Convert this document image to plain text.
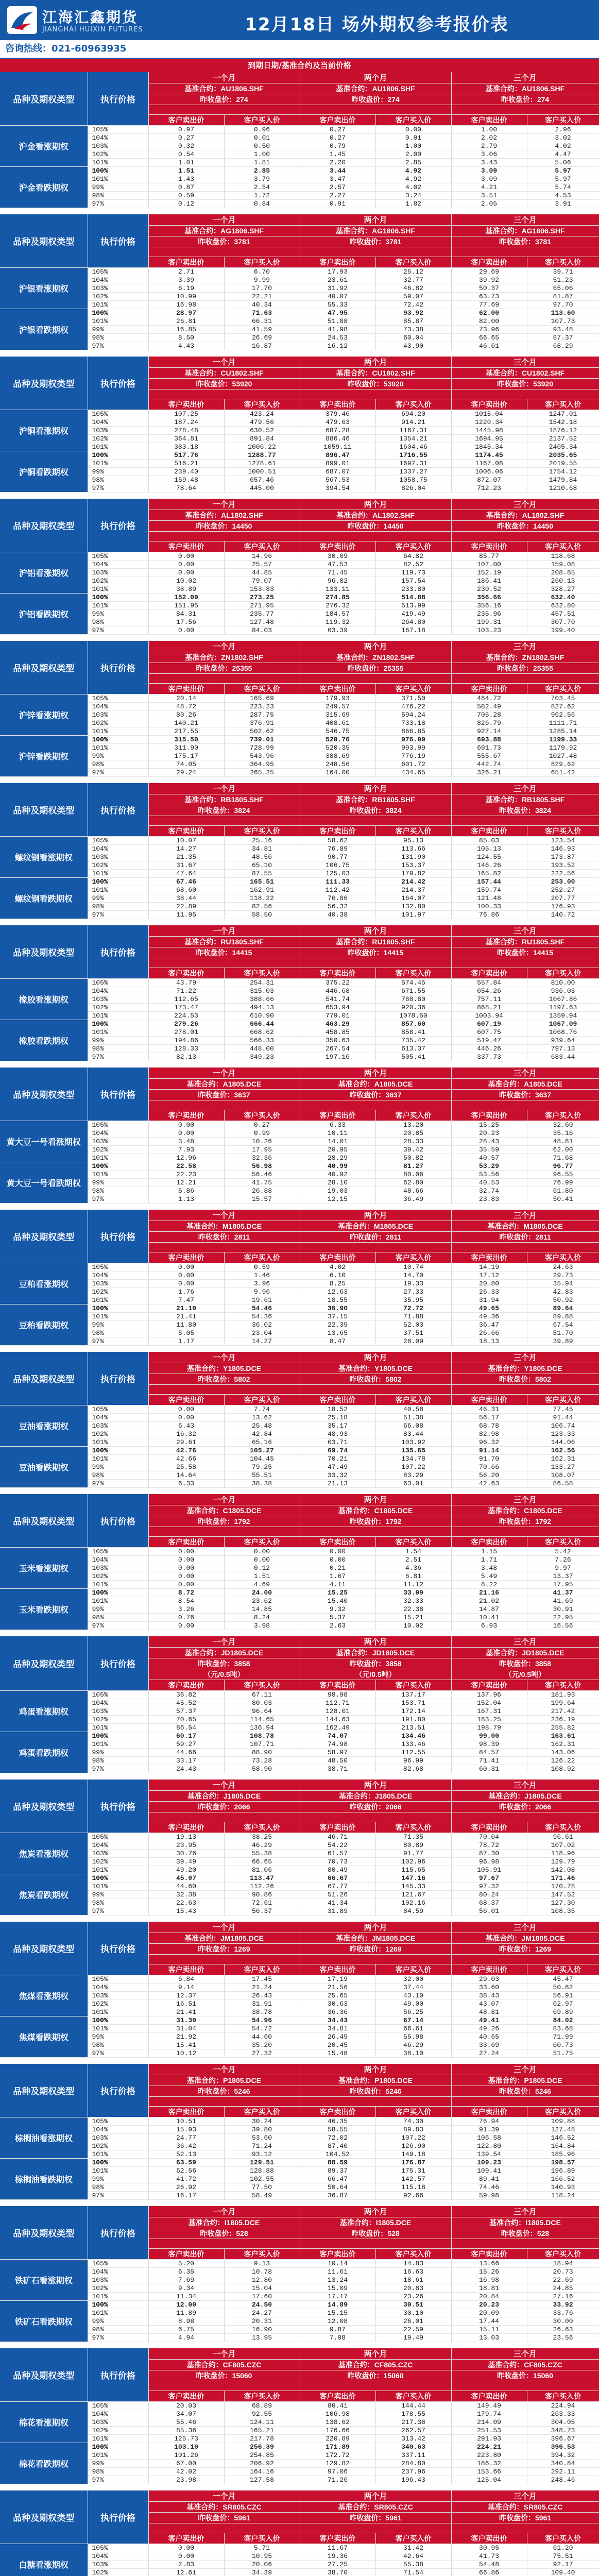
江海汇鑫期货
JIANGHAI HUIXIN FUTURES	12月18日 场外期权参考报价表
咨询热线：021-60963935
到期日期/基准合约及当前价格
品种及期权类型	执行价格	一个月		两个月		三个月	
		基准合约：AU1806.SHF		基准合约：AU1806.SHF		基准合约：AU1806.SHF	
		昨收盘价：274		昨收盘价：274		昨收盘价：274	

		客户卖出价	客户买入价	客户卖出价	客户买入价	客户卖出价	客户买入价
沪金看涨期权	105%	0.97	0.96	0.27	0.00	1.00	2.96
	104%	0.27	0.01	0.27	0.01	2.02	3.02
	103%	0.32	0.50	0.79	1.00	2.79	4.02
	102%	0.54	1.00	1.45	2.00	3.06	4.47
	101%	1.01	1.81	2.20	2.85	3.43	5.06
沪金看跌期权	100%	1.51	2.85	3.44	4.92	3.09	5.97
	101%	1.43	3.79	3.47	4.92	3.09	5.97
	99%	0.87	2.54	2.57	4.02	4.21	5.74
	98%	0.59	1.72	2.27	3.24	3.51	4.53
	97%	0.12	0.84	0.91	1.82	2.05	3.91
品种及期权类型	执行价格	一个月		两个月		三个月	
		基准合约：AG1806.SHF		基准合约：AG1806.SHF		基准合约：AG1806.SHF	
		昨收盘价：3781		昨收盘价：3781		昨收盘价：3781	

		客户卖出价	客户买入价	客户卖出价	客户买入价	客户卖出价	客户买入价
沪银看涨期权	105%	2.71	6.70	17.93	25.12	29.69	39.71
	104%	3.39	9.99	23.61	32.77	39.92	51.23
	103%	6.19	17.70	31.92	46.82	50.37	65.06
	102%	10.99	22.21	40.07	59.07	63.73	81.87
	101%	16.98	40.34	55.33	72.42	77.69	97.70
沪银看跌期权	100%	28.97	71.63	47.95	93.92	62.00	113.60
	101%	26.81	66.31	51.88	85.87	82.00	107.73
	99%	16.85	41.59	41.98	73.38	73.96	93.48
	98%	8.50	26.69	24.53	60.04	66.65	87.37
	97%	4.43	16.87	16.12	43.90	46.61	68.29
品种及期权类型	执行价格	一个月		两个月		三个月	
		基准合约：CU1802.SHF		基准合约：CU1802.SHF		基准合约：CU1802.SHF	
		昨收盘价：53920		昨收盘价：53920		昨收盘价：53920	

		客户卖出价	客户买入价	客户卖出价	客户买入价	客户卖出价	客户买入价
沪铜看涨期权	105%	107.25	423.24	379.46	694.20	1015.04	1247.01
	104%	187.24	479.56	479.63	914.21	1220.34	1542.18
	103%	278.48	630.52	687.28	1167.31	1445.98	1876.12
	102%	364.81	891.84	886.46	1354.21	1694.95	2137.52
	101%	383.18	1006.22	1059.11	1604.46	1845.34	2465.34
沪铜看跌期权	100%	517.76	1288.77	896.47	1716.55	1174.45	2035.65
	101%	516.21	1278.61	899.01	1697.31	1167.08	2019.55
	99%	239.40	1000.51	687.07	1337.27	1006.06	1754.12
	98%	159.48	657.46	567.53	1058.75	872.07	1479.84
	97%	78.64	445.00	394.54	826.04	712.23	1210.68
品种及期权类型	执行价格	一个月		两个月		三个月	
		基准合约：AL1802.SHF		基准合约：AL1802.SHF		基准合约：AL1802.SHF	
		昨收盘价：14450		昨收盘价：14450		昨收盘价：14450	

		客户卖出价	客户买入价	客户卖出价	客户买入价	客户卖出价	客户买入价
沪铝看涨期权	105%	0.00	14.96	30.09	64.82	85.77	118.68
	104%	0.00	25.57	47.53	82.52	107.00	159.08
	103%	0.00	44.85	71.45	119.73	152.19	208.85
	102%	10.02	79.07	96.82	157.54	186.41	260.13
	101%	38.89	153.83	133.11	233.80	230.52	328.27
沪铝看跌期权	100%	152.09	273.25	274.85	514.88	356.66	632.40
	101%	151.95	271.95	276.32	513.99	356.16	632.80
	99%	84.31	235.77	184.57	419.49	235.96	457.51
	98%	17.56	127.48	119.32	264.80	199.31	307.70
	97%	0.00	84.03	63.39	167.18	103.23	199.40
品种及期权类型	执行价格	一个月		两个月		三个月	
		基准合约：ZN1802.SHF		基准合约：ZN1802.SHF		基准合约：ZN1802.SHF	
		昨收盘价：25355		昨收盘价：25355		昨收盘价：25355	

		客户卖出价	客户买入价	客户卖出价	客户买入价	客户卖出价	客户买入价
沪锌看涨期权	105%	20.14	165.69	179.93	371.50	484.72	703.45
	104%	48.72	223.23	249.57	476.22	582.49	827.62
	103%	80.26	287.75	315.69	594.24	705.28	962.56
	102%	140.21	376.91	408.61	733.18	826.79	1111.71
	101%	217.55	502.62	546.75	866.85	927.14	1285.14
沪锌看跌期权	100%	315.50	739.01	520.76	976.09	693.88	1199.33
	101%	311.90	728.99	520.35	993.99	691.73	1179.92
	99%	175.17	543.96	388.69	776.19	555.67	1027.48
	98%	74.05	364.95	248.56	601.72	442.74	829.62
	97%	29.24	265.25	164.00	434.65	326.21	651.42
品种及期权类型	执行价格	一个月		两个月		三个月	
		基准合约：RB1805.SHF		基准合约：RB1805.SHF		基准合约：RB1805.SHF	
		昨收盘价：3824		昨收盘价：3824		昨收盘价：3824	

		客户卖出价	客户买入价	客户卖出价	客户买入价	客户卖出价	客户买入价
螺纹钢看涨期权	105%	10.07	25.16	58.62	95.13	85.03	123.54
	104%	14.27	34.81	76.89	113.66	105.13	146.93
	103%	21.35	48.56	90.77	131.90	124.55	173.87
	102%	31.67	65.10	106.75	153.37	146.26	193.52
	101%	47.64	87.55	125.03	179.82	165.82	222.56
螺纹钢看跌期权	100%	67.46	165.51	111.33	214.42	157.44	253.00
	101%	68.60	162.91	112.42	214.37	159.74	252.27
	99%	38.44	118.22	76.86	164.07	121.48	207.77
	98%	22.89	82.56	56.32	132.80	100.33	176.93
	97%	11.95	58.50	40.38	101.97	76.86	140.72
品种及期权类型	执行价格	一个月		两个月		三个月	
		基准合约：RU1805.SHF		基准合约：RU1805.SHF		基准合约：RU1805.SHF	
		昨收盘价：14415		昨收盘价：14415		昨收盘价：14415	

		客户卖出价	客户买入价	客户卖出价	客户买入价	客户卖出价	客户买入价
橡胶看涨期权	105%	43.79	254.31	375.22	574.45	557.84	810.00
	104%	71.22	315.03	446.68	671.55	654.26	936.03
	103%	112.65	388.66	541.74	788.80	757.11	1067.86
	102%	173.47	494.13	653.94	920.36	868.21	1197.63
	101%	224.53	610.90	779.01	1078.50	1003.94	1359.94
橡胶看跌期权	100%	279.26	666.44	463.29	857.60	607.19	1067.09
	101%	278.01	668.62	458.85	858.41	607.75	1068.76
	99%	194.86	566.33	350.63	735.42	519.47	939.64
	98%	128.33	448.00	267.54	613.37	446.26	797.13
	97%	82.13	349.23	197.16	505.41	337.73	683.44
品种及期权类型	执行价格	一个月		两个月		三个月	
		基准合约：A1805.DCE		基准合约：A1805.DCE		基准合约：A1805.DCE	
		昨收盘价：3637		昨收盘价：3637		昨收盘价：3637	

		客户卖出价	客户买入价	客户卖出价	客户买入价	客户卖出价	客户买入价
黄大豆一号看涨期权	105%	0.00	0.27	6.33	13.20	15.25	32.60
	104%	0.00	0.99	10.11	20.85	20.23	35.16
	103%	3.48	10.26	14.01	28.33	28.43	48.81
	102%	7.93	17.95	20.95	39.42	35.59	62.00
	101%	12.96	32.36	28.29	50.82	40.57	71.68
黄大豆一号看跌期权	100%	22.58	56.98	40.99	81.27	53.29	96.77
	101%	22.23	56.46	40.92	80.06	53.56	96.55
	99%	12.21	41.75	28.10	62.80	40.53	76.99
	98%	5.86	26.88	19.03	48.66	32.74	61.80
	97%	1.13	15.57	12.15	36.49	23.83	50.41
品种及期权类型	执行价格	一个月		两个月		三个月	
		基准合约：M1805.DCE		基准合约：M1805.DCE		基准合约：M1805.DCE	
		昨收盘价：2811		昨收盘价：2811		昨收盘价：2811	

		客户卖出价	客户买入价	客户卖出价	客户买入价	客户卖出价	客户买入价
豆粕看涨期权	105%	0.00	0.59	4.02	10.74	14.19	24.63
	104%	0.00	1.46	6.10	14.70	17.12	29.73
	103%	0.00	3.96	8.25	19.33	20.80	35.94
	102%	1.76	9.96	12.63	27.33	26.33	42.83
	101%	7.47	19.61	18.55	35.95	31.94	50.92
豆粕看跌期权	100%	21.10	54.46	36.90	72.72	49.65	89.64
	101%	21.41	54.36	37.15	71.88	49.36	89.88
	99%	11.80	36.02	22.39	52.03	36.47	67.54
	98%	5.05	23.04	13.65	37.51	26.66	51.70
	97%	1.17	14.27	8.47	28.09	18.13	39.89
品种及期权类型	执行价格	一个月		两个月		三个月	
		基准合约：Y1805.DCE		基准合约：Y1805.DCE		基准合约：Y1805.DCE	
		昨收盘价：5802		昨收盘价：5802		昨收盘价：5802	

		客户卖出价	客户买入价	客户卖出价	客户买入价	客户卖出价	客户买入价
豆油看涨期权	105%	0.00	7.74	18.52	40.58	46.31	77.45
	104%	0.00	13.62	25.18	51.38	56.17	91.44
	103%	6.43	25.48	35.17	66.08	68.78	106.74
	102%	16.32	42.84	48.93	83.44	82.98	123.33
	101%	29.61	65.16	63.71	103.92	96.32	144.06
豆油看跌期权	100%	42.76	105.27	69.74	135.65	91.14	162.56
	101%	42.66	104.45	70.21	134.78	91.70	162.31
	99%	25.58	79.25	47.49	107.22	70.66	133.27
	98%	14.64	55.51	33.32	83.29	56.20	108.07
	97%	6.33	38.38	21.13	63.01	42.63	86.58
品种及期权类型	执行价格	一个月		两个月		三个月	
		基准合约：C1805.DCE		基准合约：C1805.DCE		基准合约：C1805.DCE	
		昨收盘价：1792		昨收盘价：1792		昨收盘价：1792	

		客户卖出价	客户买入价	客户卖出价	客户买入价	客户卖出价	客户买入价
玉米看涨期权	105%	0.00	0.00	0.00	1.54	1.15	5.42
	104%	0.00	0.00	0.00	2.51	1.71	7.26
	103%	0.00	0.12	0.21	4.36	3.48	9.97
	102%	0.00	1.51	1.67	6.81	5.49	13.37
	101%	0.00	4.69	4.11	11.12	8.22	17.95
玉米看跌期权	100%	8.72	24.00	15.25	33.09	21.16	41.37
	101%	8.54	23.62	15.40	32.33	21.02	41.69
	99%	3.26	14.85	9.32	22.38	14.87	30.91
	98%	0.76	8.24	5.37	15.21	10.41	22.95
	97%	0.00	3.98	2.63	10.02	6.93	16.56
品种及期权类型	执行价格	一个月		两个月		三个月	
		基准合约：JD1805.DCE		基准合约：JD1805.DCE		基准合约：JD1805.DCE	
		昨收盘价：3858		昨收盘价：3858		昨收盘价：3858	
		（元/0.5吨）		（元/0.5吨）		（元/0.5吨）	
		客户卖出价	客户买入价	客户卖出价	客户买入价	客户卖出价	客户买入价
鸡蛋看涨期权	105%	36.82	67.11	98.98	137.17	137.96	181.93
	104%	45.52	80.03	112.71	153.71	152.04	199.64
	103%	57.37	96.64	128.01	172.14	167.31	217.42
	102%	70.65	114.65	144.63	191.80	183.25	236.19
	101%	86.54	136.94	162.49	213.51	198.79	255.82
鸡蛋看跌期权	100%	60.17	108.78	74.07	134.46	99.00	163.61
	101%	59.27	107.71	74.98	133.46	98.39	162.31
	99%	44.66	88.90	58.97	112.55	84.57	143.06
	98%	33.17	73.28	48.50	96.99	71.41	126.22
	97%	24.43	58.90	38.71	82.68	60.31	108.92
品种及期权类型	执行价格	一个月		两个月		三个月	
		基准合约：J1805.DCE		基准合约：J1805.DCE		基准合约：J1805.DCE	
		昨收盘价：2066		昨收盘价：2066		昨收盘价：2066	

		客户卖出价	客户买入价	客户卖出价	客户买入价	客户卖出价	客户买入价
焦炭看涨期权	105%	19.13	38.25	46.71	71.35	70.04	96.61
	104%	23.95	46.29	54.22	80.89	78.72	107.02
	103%	30.76	55.38	61.57	91.77	87.30	118.96
	102%	39.49	66.65	70.73	102.96	96.98	129.79
	101%	49.20	81.06	80.49	115.65	105.91	142.08
焦炭看跌期权	100%	45.07	113.47	66.67	147.16	97.67	171.46
	101%	44.60	112.26	67.77	145.33	97.32	170.78
	99%	32.38	90.86	51.26	121.67	80.24	147.52
	98%	22.63	72.61	41.34	102.16	68.37	127.30
	97%	15.43	56.37	31.89	84.59	56.01	108.35
品种及期权类型	执行价格	一个月		两个月		三个月	
		基准合约：JM1805.DCE		基准合约：JM1805.DCE		基准合约：JM1805.DCE	
		昨收盘价：1269		昨收盘价：1269		昨收盘价：1269	

		客户卖出价	客户买入价	客户卖出价	客户买入价	客户卖出价	客户买入价
焦煤看涨期权	105%	6.84	17.45	17.19	32.00	29.03	45.47
	104%	9.14	21.24	21.56	37.44	33.60	50.82
	103%	12.37	26.43	25.65	43.10	38.43	56.91
	102%	16.51	31.91	30.63	49.00	43.07	62.97
	101%	21.41	38.78	36.36	56.25	48.81	69.89
焦煤看跌期权	100%	31.30	54.96	34.43	67.14	49.41	84.02
	101%	31.04	54.72	34.81	66.61	49.26	83.68
	99%	21.92	44.60	26.49	55.98	40.65	71.99
	98%	15.41	35.20	20.45	46.29	33.69	60.73
	97%	10.12	27.32	15.48	38.10	27.24	51.75
品种及期权类型	执行价格	一个月		两个月		三个月	
		基准合约：P1805.DCE		基准合约：P1805.DCE		基准合约：P1805.DCE	
		昨收盘价：5246		昨收盘价：5246		昨收盘价：5246	

		客户卖出价	客户买入价	客户卖出价	客户买入价	客户卖出价	客户买入价
棕榈油看涨期权	105%	10.51	30.24	46.35	74.30	76.94	109.88
	104%	15.93	39.80	58.55	89.83	91.39	127.48
	103%	24.77	53.60	72.02	107.22	106.58	146.52
	102%	36.42	71.24	87.40	126.90	122.80	164.84
	101%	52.13	93.12	104.52	149.18	139.54	185.96
棕榈油看跌期权	100%	63.59	129.51	88.59	176.87	109.23	198.57
	101%	62.56	128.88	89.37	175.31	109.41	196.89
	99%	41.72	102.55	66.47	142.57	89.41	166.52
	98%	26.92	77.50	50.64	115.18	74.46	140.93
	97%	16.17	58.49	36.87	92.66	59.98	118.24
品种及期权类型	执行价格	一个月		两个月		三个月	
		基准合约：I1805.DCE		基准合约：I1805.DCE		基准合约：I1805.DCE	
		昨收盘价：528		昨收盘价：528		昨收盘价：528	

		客户卖出价	客户买入价	客户卖出价	客户买入价	客户卖出价	客户买入价
铁矿石看涨期权	105%	5.20	9.13	10.14	14.83	13.66	18.94
	104%	6.35	10.78	11.61	16.63	15.26	20.73
	103%	7.69	12.80	13.24	18.61	16.98	22.69
	102%	9.34	15.04	15.09	20.83	18.81	24.85
	101%	11.34	17.60	17.17	23.26	20.84	27.16
铁矿石看跌期权	100%	12.00	24.50	14.89	30.51	20.23	33.92
	101%	11.89	24.27	15.15	30.10	20.09	33.76
	99%	8.98	20.31	12.08	26.01	17.44	30.00
	98%	6.75	16.90	9.87	22.59	15.11	26.63
	97%	4.94	13.95	7.98	19.49	13.03	23.56
品种及期权类型	执行价格	一个月		两个月		三个月	
		基准合约：CF805.CZC		基准合约：CF805.CZC		基准合约：CF805.CZC	
		昨收盘价：15060		昨收盘价：15060		昨收盘价：15060	

		客户卖出价	客户买入价	客户卖出价	客户买入价	客户卖出价	客户买入价
棉花看涨期权	105%	20.03	68.89	80.41	144.44	149.49	224.94
	104%	34.07	92.55	106.98	178.55	179.74	263.33
	103%	55.46	124.11	138.62	217.38	214.09	304.05
	102%	85.36	165.21	176.66	262.57	251.53	348.73
	101%	125.73	217.78	220.89	313.42	291.93	396.67
棉花看跌期权	100%	103.10	256.39	171.89	340.63	224.21	396.53
	101%	101.26	254.85	172.72	337.11	223.80	394.32
	99%	67.00	206.92	129.82	284.80	186.32	340.84
	98%	42.02	164.16	97.06	237.96	153.66	292.11
	97%	23.98	127.58	71.26	196.43	125.04	248.46
品种及期权类型	执行价格	一个月		两个月		三个月	
		基准合约：SR805.CZC		基准合约：SR805.CZC		基准合约：SR805.CZC	
		昨收盘价：5961		昨收盘价：5961		昨收盘价：5961	

		客户卖出价	客户买入价	客户卖出价	客户买入价	客户卖出价	客户买入价
白糖看涨期权	105%	0.00	5.71	11.67	31.42	30.95	61.20
	104%	0.00	10.95	19.36	42.64	41.73	75.51
	103%	2.83	20.06	27.25	55.38	54.48	92.17
	102%	12.61	34.39	38.70	71.54	66.86	109.40
